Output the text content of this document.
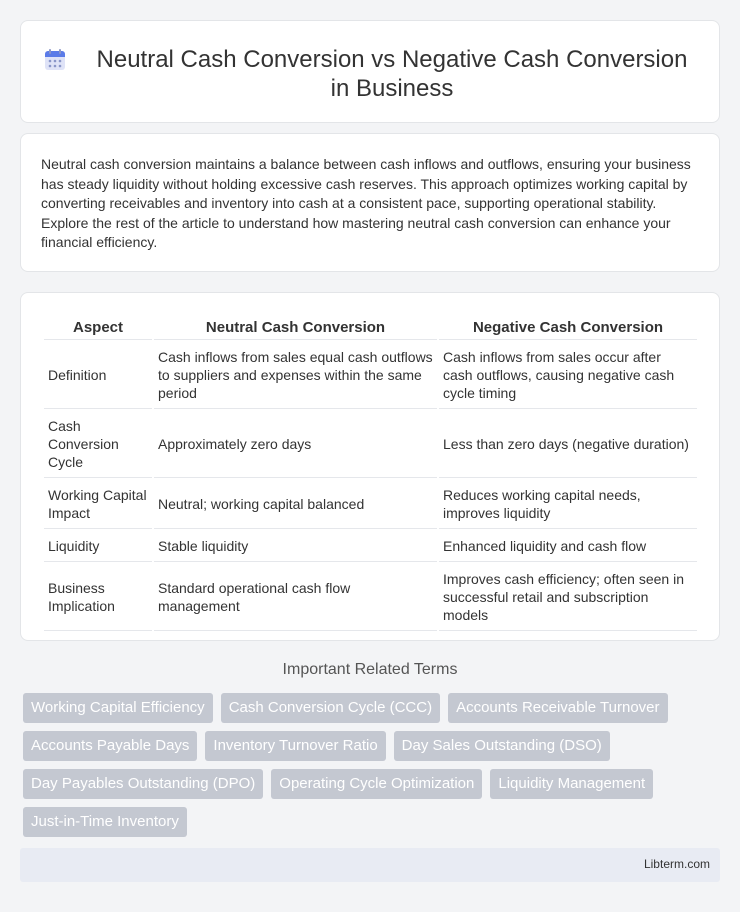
Neutral Cash Conversion vs Negative Cash Conversion in Business

Neutral cash conversion maintains a balance between cash inflows and outflows, ensuring your business has steady liquidity without holding excessive cash reserves. This approach optimizes working capital by converting receivables and inventory into cash at a consistent pace, supporting operational stability. Explore the rest of the article to understand how mastering neutral cash conversion can enhance your financial efficiency.

Aspect	Neutral Cash Conversion	Negative Cash Conversion
Definition	Cash inflows from sales equal cash outflows to suppliers and expenses within the same period	Cash inflows from sales occur after cash outflows, causing negative cash cycle timing
Cash Conversion Cycle	Approximately zero days	Less than zero days (negative duration)
Working Capital Impact	Neutral; working capital balanced	Reduces working capital needs, improves liquidity
Liquidity	Stable liquidity	Enhanced liquidity and cash flow
Business Implication	Standard operational cash flow management	Improves cash efficiency; often seen in successful retail and subscription models
Important Related Terms
Working Capital Efficiency	Cash Conversion Cycle (CCC)	Accounts Receivable Turnover
Accounts Payable Days	Inventory Turnover Ratio	Day Sales Outstanding (DSO)
Day Payables Outstanding (DPO)	Operating Cycle Optimization	Liquidity Management
Just-in-Time Inventory
Libterm.com
